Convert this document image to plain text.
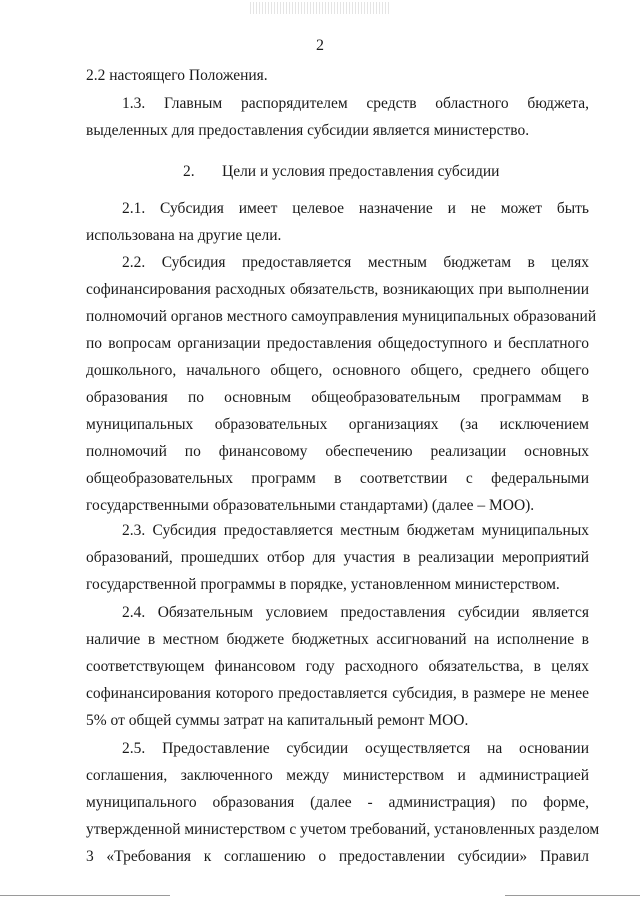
2
2. Цели и условия предоставления субсидии
2.2 настоящего Положения.
1.3. Главным распорядителем средств областного бюджета,
выделенных для предоставления субсидии является министерство.
2.1. Субсидия имеет целевое назначение и не может быть
использована на другие цели.
2.2. Субсидия предоставляется местным бюджетам в целях
софинансирования расходных обязательств, возникающих при выполнении
полномочий органов местного самоуправления муниципальных образований
по вопросам организации предоставления общедоступного и бесплатного
дошкольного, начального общего, основного общего, среднего общего
образования по основным общеобразовательным программам в
муниципальных образовательных организациях (за исключением
полномочий по финансовому обеспечению реализации основных
общеобразовательных программ в соответствии с федеральными
государственными образовательными стандартами) (далее – МОО).
2.3. Субсидия предоставляется местным бюджетам муниципальных
образований, прошедших отбор для участия в реализации мероприятий
государственной программы в порядке, установленном министерством.
2.4. Обязательным условием предоставления субсидии является
наличие в местном бюджете бюджетных ассигнований на исполнение в
соответствующем финансовом году расходного обязательства, в целях
софинансирования которого предоставляется субсидия, в размере не менее
5% от общей суммы затрат на капитальный ремонт МОО.
2.5. Предоставление субсидии осуществляется на основании
соглашения, заключенного между министерством и администрацией
муниципального образования (далее - администрация) по форме,
утвержденной министерством с учетом требований, установленных разделом
3 «Требования к соглашению о предоставлении субсидии» Правил
